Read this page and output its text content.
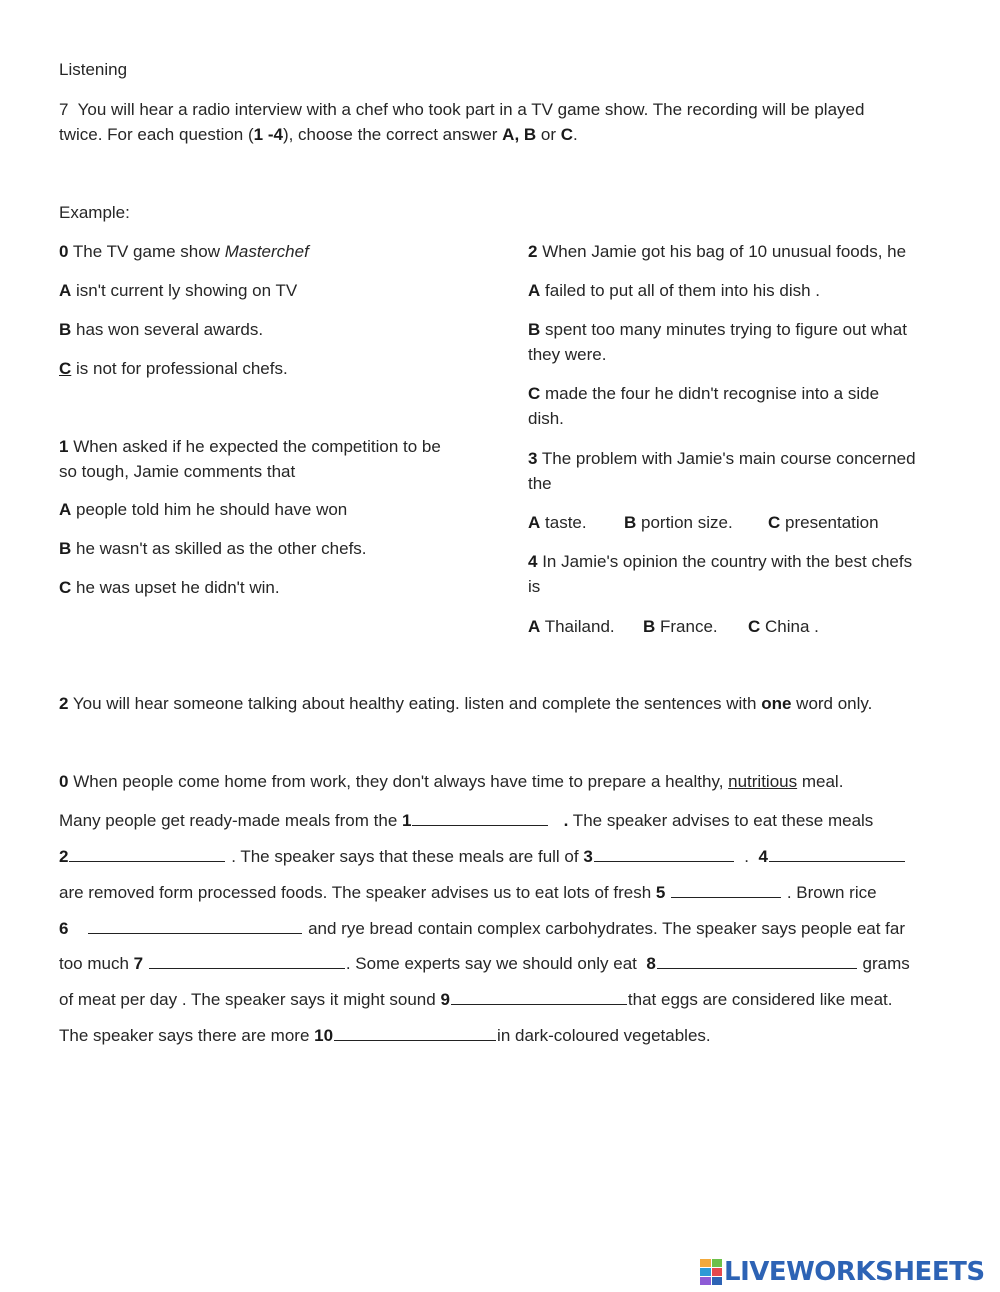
Listening
7 You will hear a radio interview with a chef who took part in a TV game show. The recording will be played
twice. For each question (1 -4), choose the correct answer A, B or C.
Example:
0 The TV game show Masterchef
A isn't current ly showing on TV
B has won several awards.
C is not for professional chefs.
1 When asked if he expected the competition to be
so tough, Jamie comments that
A people told him he should have won
B he wasn't as skilled as the other chefs.
C he was upset he didn't win.
2 When Jamie got his bag of 10 unusual foods, he
A failed to put all of them into his dish .
B spent too many minutes trying to figure out what
they were.
C made the four he didn't recognise into a side
dish.
3 The problem with Jamie's main course concerned
the
A taste. B portion size. C presentation
4 In Jamie's opinion the country with the best chefs
is
A Thailand. B France. C China .
2 You will hear someone talking about healthy eating. listen and complete the sentences with one word only.
0 When people come home from work, they don't always have time to prepare a healthy, nutritious meal.
Many people get ready-made meals from the 1	. The speaker advises to eat these meals
2	. The speaker says that these meals are full of 3	.  4
are removed form processed foods. The speaker advises us to eat lots of fresh 5	. Brown rice
6	and rye bread contain complex carbohydrates. The speaker says people eat far
too much 7	. Some experts say we should only eat  8	grams
of meat per day . The speaker says it might sound 9	that eggs are considered like meat.
The speaker says there are more 10	in dark-coloured vegetables.
LIVEWORKSHEETS
